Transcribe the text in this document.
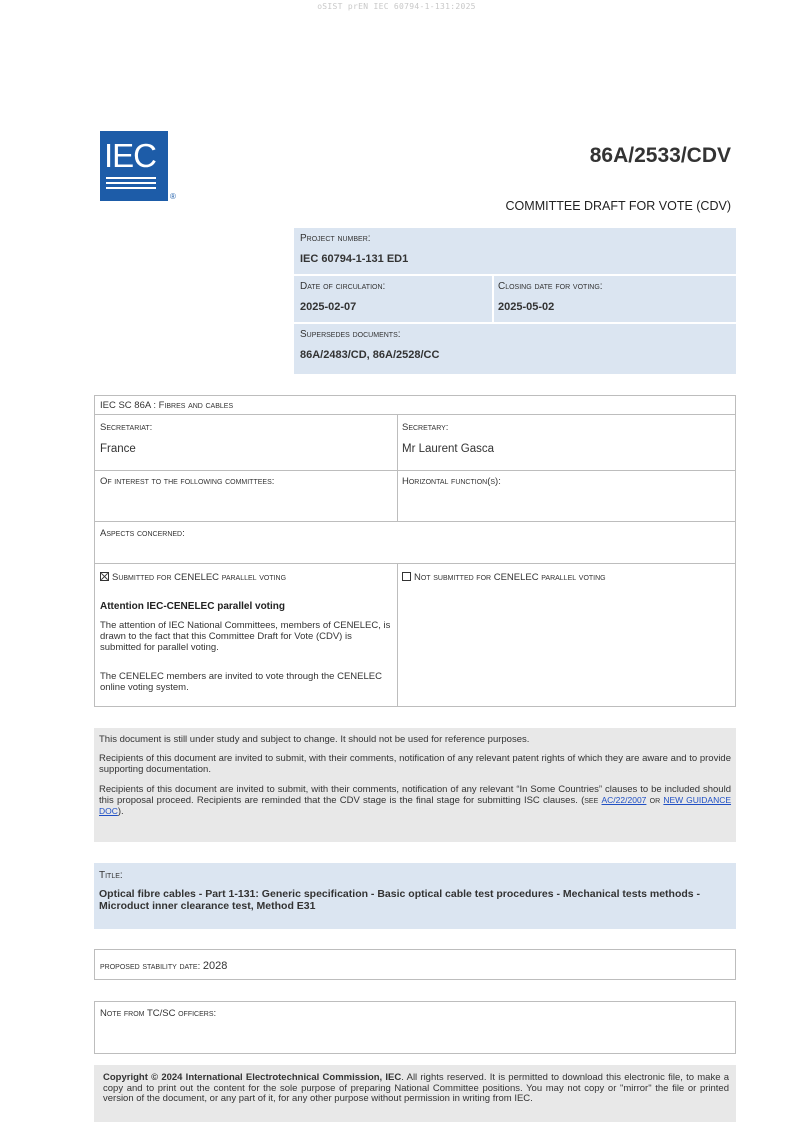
oSIST prEN IEC 60794-1-131:2025
IEC
®
86A/2533/CDV
COMMITTEE DRAFT FOR VOTE (CDV)
Project number:
IEC 60794-1-131 ED1
Date of circulation:
2025-02-07
Closing date for voting:
2025-05-02
Supersedes documents:
86A/2483/CD, 86A/2528/CC
IEC SC 86A : Fibres and cables
Secretariat:
France
Secretary:
Mr Laurent Gasca
Of interest to the following committees:	Horizontal function(s):
Aspects concerned:
Submitted for CENELEC parallel voting	Not submitted for CENELEC parallel voting
Attention IEC-CENELEC parallel voting
The attention of IEC National Committees, members of CENELEC, is drawn to the fact that this Committee Draft for Vote (CDV) is submitted for parallel voting.
The CENELEC members are invited to vote through the CENELEC online voting system.
This document is still under study and subject to change. It should not be used for reference purposes.
Recipients of this document are invited to submit, with their comments, notification of any relevant patent rights of which they are aware and to provide supporting documentation.
Recipients of this document are invited to submit, with their comments, notification of any relevant “In Some Countries” clauses to be included should this proposal proceed. Recipients are reminded that the CDV stage is the final stage for submitting ISC clauses. (see AC/22/2007 or NEW GUIDANCE DOC).
Title:
Optical fibre cables - Part 1-131: Generic specification - Basic optical cable test procedures - Mechanical tests methods - Microduct inner clearance test, Method E31
proposed stability date: 2028
Note from TC/SC officers:
Copyright © 2024 International Electrotechnical Commission, IEC. All rights reserved. It is permitted to download this electronic file, to make a copy and to print out the content for the sole purpose of preparing National Committee positions. You may not copy or "mirror" the file or printed version of the document, or any part of it, for any other purpose without permission in writing from IEC.
